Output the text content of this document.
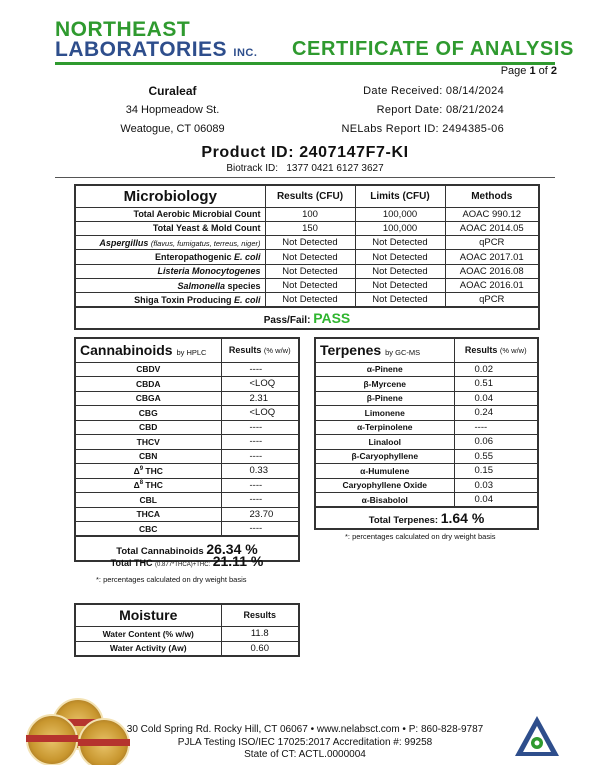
NORTHEAST
LABORATORIES INC. CERTIFICATE OF ANALYSIS
Page 1 of 2
Curaleaf
34 Hopmeadow St.
Weatogue, CT 06089
Date Received: 08/14/2024
Report Date: 08/21/2024
NELabs Report ID: 2494385-06
Product ID: 2407147F7-KI
Biotrack ID: 1377 0421 6127 3627
Microbiology	Results (CFU)	Limits (CFU)	Methods
Total Aerobic Microbial Count	100	100,000	AOAC 990.12
Total Yeast & Mold Count	150	100,000	AOAC 2014.05
Aspergillus (flavus, fumigatus, terreus, niger)	Not Detected	Not Detected	qPCR
Enteropathogenic E. coli	Not Detected	Not Detected	AOAC 2017.01
Listeria Monocytogenes	Not Detected	Not Detected	AOAC 2016.08
Salmonella species	Not Detected	Not Detected	AOAC 2016.01
Shiga Toxin Producing E. coli	Not Detected	Not Detected	qPCR
Pass/Fail: PASS			
Cannabinoids by HPLC	Results (% w/w)
CBDV	----
CBDA	<LOQ
CBGA	2.31
CBG	<LOQ
CBD	----
THCV	----
CBN	----
$\Delta^9$ THC	0.33
$\Delta^8$ THC	----
CBL	----
THCA	23.70
CBC	----
Total Cannabinoids 26.34 %	
Total THC (0.877*THCA)+THC: 21.11 %
*: percentages calculated on dry weight basis
Terpenes by GC-MS	Results (% w/w)
α-Pinene	0.02
β-Myrcene	0.51
β-Pinene	0.04
Limonene	0.24
α-Terpinolene	----
Linalool	0.06
β-Caryophyllene	0.55
α-Humulene	0.15
Caryophyllene Oxide	0.03
α-Bisabolol	0.04
Total Terpenes: 1.64 %	
*: percentages calculated on dry weight basis
Moisture	Results
Water Content (% w/w)	11.8
Water Activity (Aw)	0.60
30 Cold Spring Rd. Rocky Hill, CT 06067 • www.nelabsct.com • P: 860-828-9787
PJLA Testing ISO/IEC 17025:2017 Accreditation #: 99258
State of CT: ACTL.0000004
